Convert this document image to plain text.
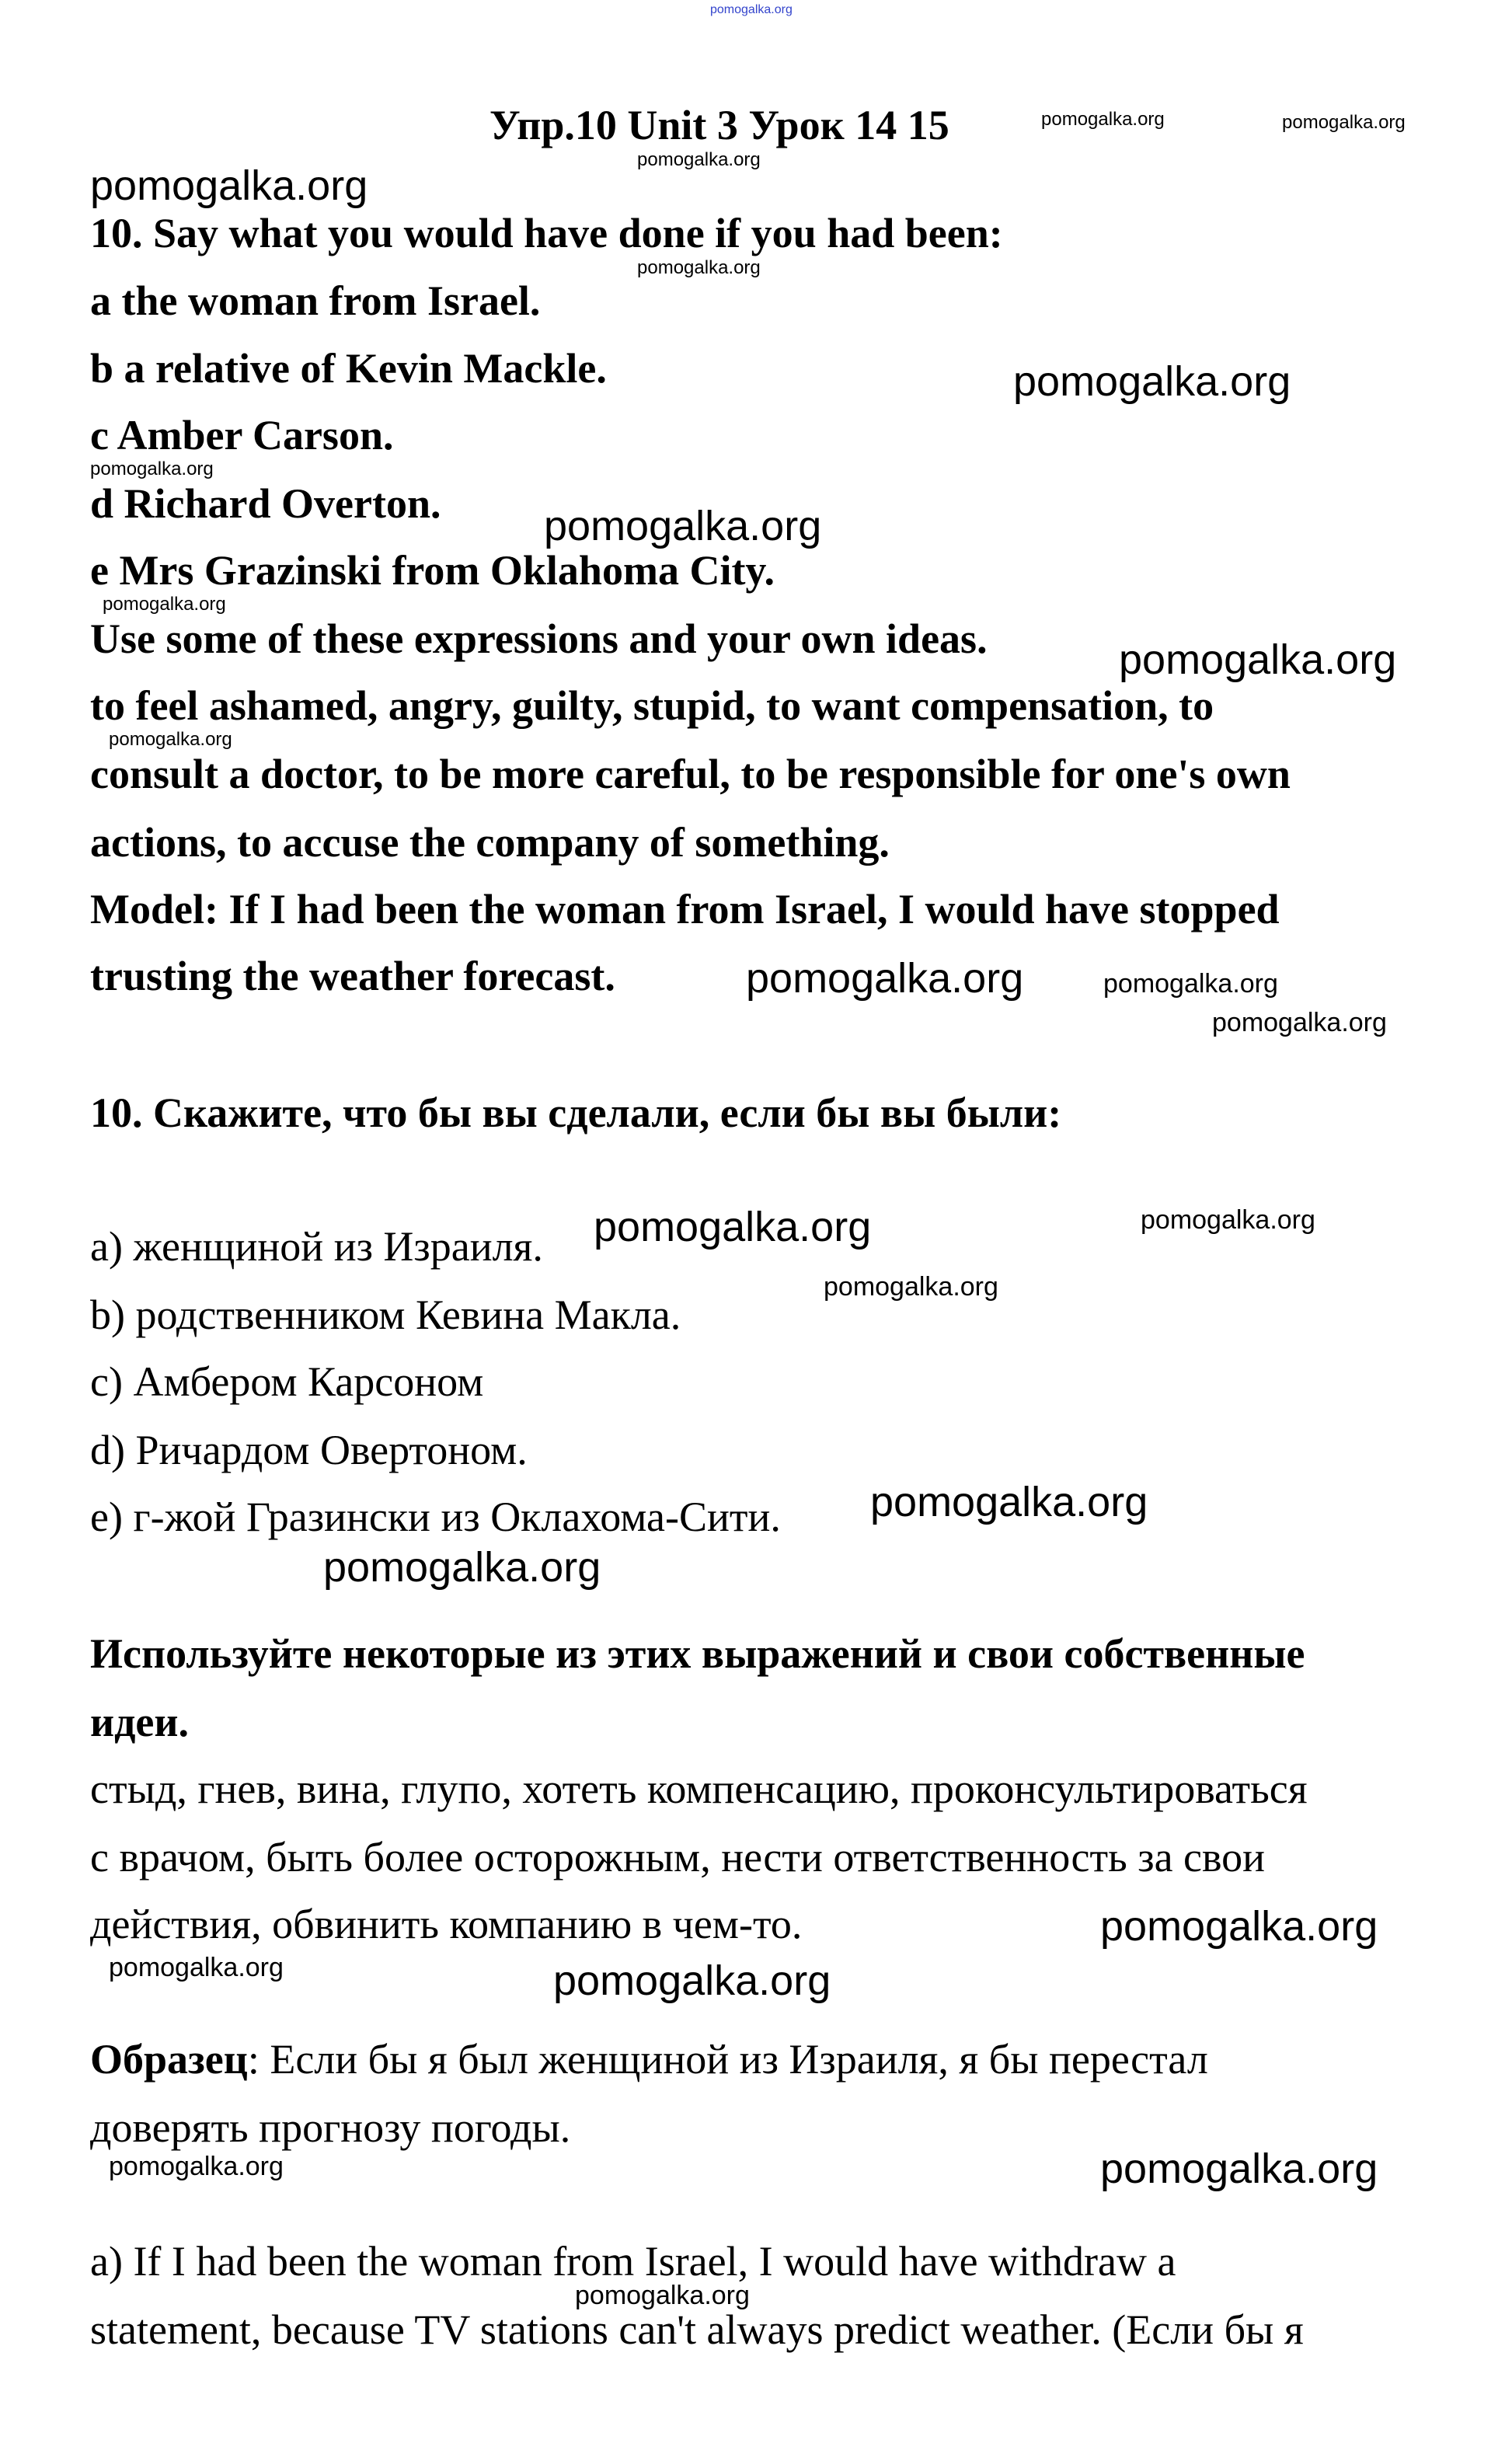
pomogalka.org
Упр.10 Unit 3 Урок 14 15
10. Say what you would have done if you had been:
a the woman from Israel.
b a relative of Kevin Mackle.
c Amber Carson.
d Richard Overton.
e Mrs Grazinski from Oklahoma City.
Use some of these expressions and your own ideas.
to feel ashamed, angry, guilty, stupid, to want compensation, to
consult a doctor, to be more careful, to be responsible for one's own
actions, to accuse the company of something.
Model: If I had been the woman from Israel, I would have stopped
trusting the weather forecast.
10. Скажите, что бы вы сделали, если бы вы были:
a) женщиной из Израиля.
b) родственником Кевина Макла.
c) Амбером Карсоном
d) Ричардом Овертоном.
e) г-жой Гразински из Оклахома-Сити.
Используйте некоторые из этих выражений и свои собственные
идеи.
стыд, гнев, вина, глупо, хотеть компенсацию, проконсультироваться
с врачом, быть более осторожным, нести ответственность за свои
действия, обвинить компанию в чем-то.
Образец: Если бы я был женщиной из Израиля, я бы перестал
доверять прогнозу погоды.
a) If I had been the woman from Israel, I would have withdraw a
statement, because TV stations can't always predict weather. (Если бы я
pomogalka.org	pomogalka.org
pomogalka.org
pomogalka.org
pomogalka.org
pomogalka.org
pomogalka.org
pomogalka.org
pomogalka.org
pomogalka.org
pomogalka.org
pomogalka.org
pomogalka.org
pomogalka.org
pomogalka.org	pomogalka.org
pomogalka.org
pomogalka.org
pomogalka.org
pomogalka.org
pomogalka.org	pomogalka.org
pomogalka.org	pomogalka.org
pomogalka.org
